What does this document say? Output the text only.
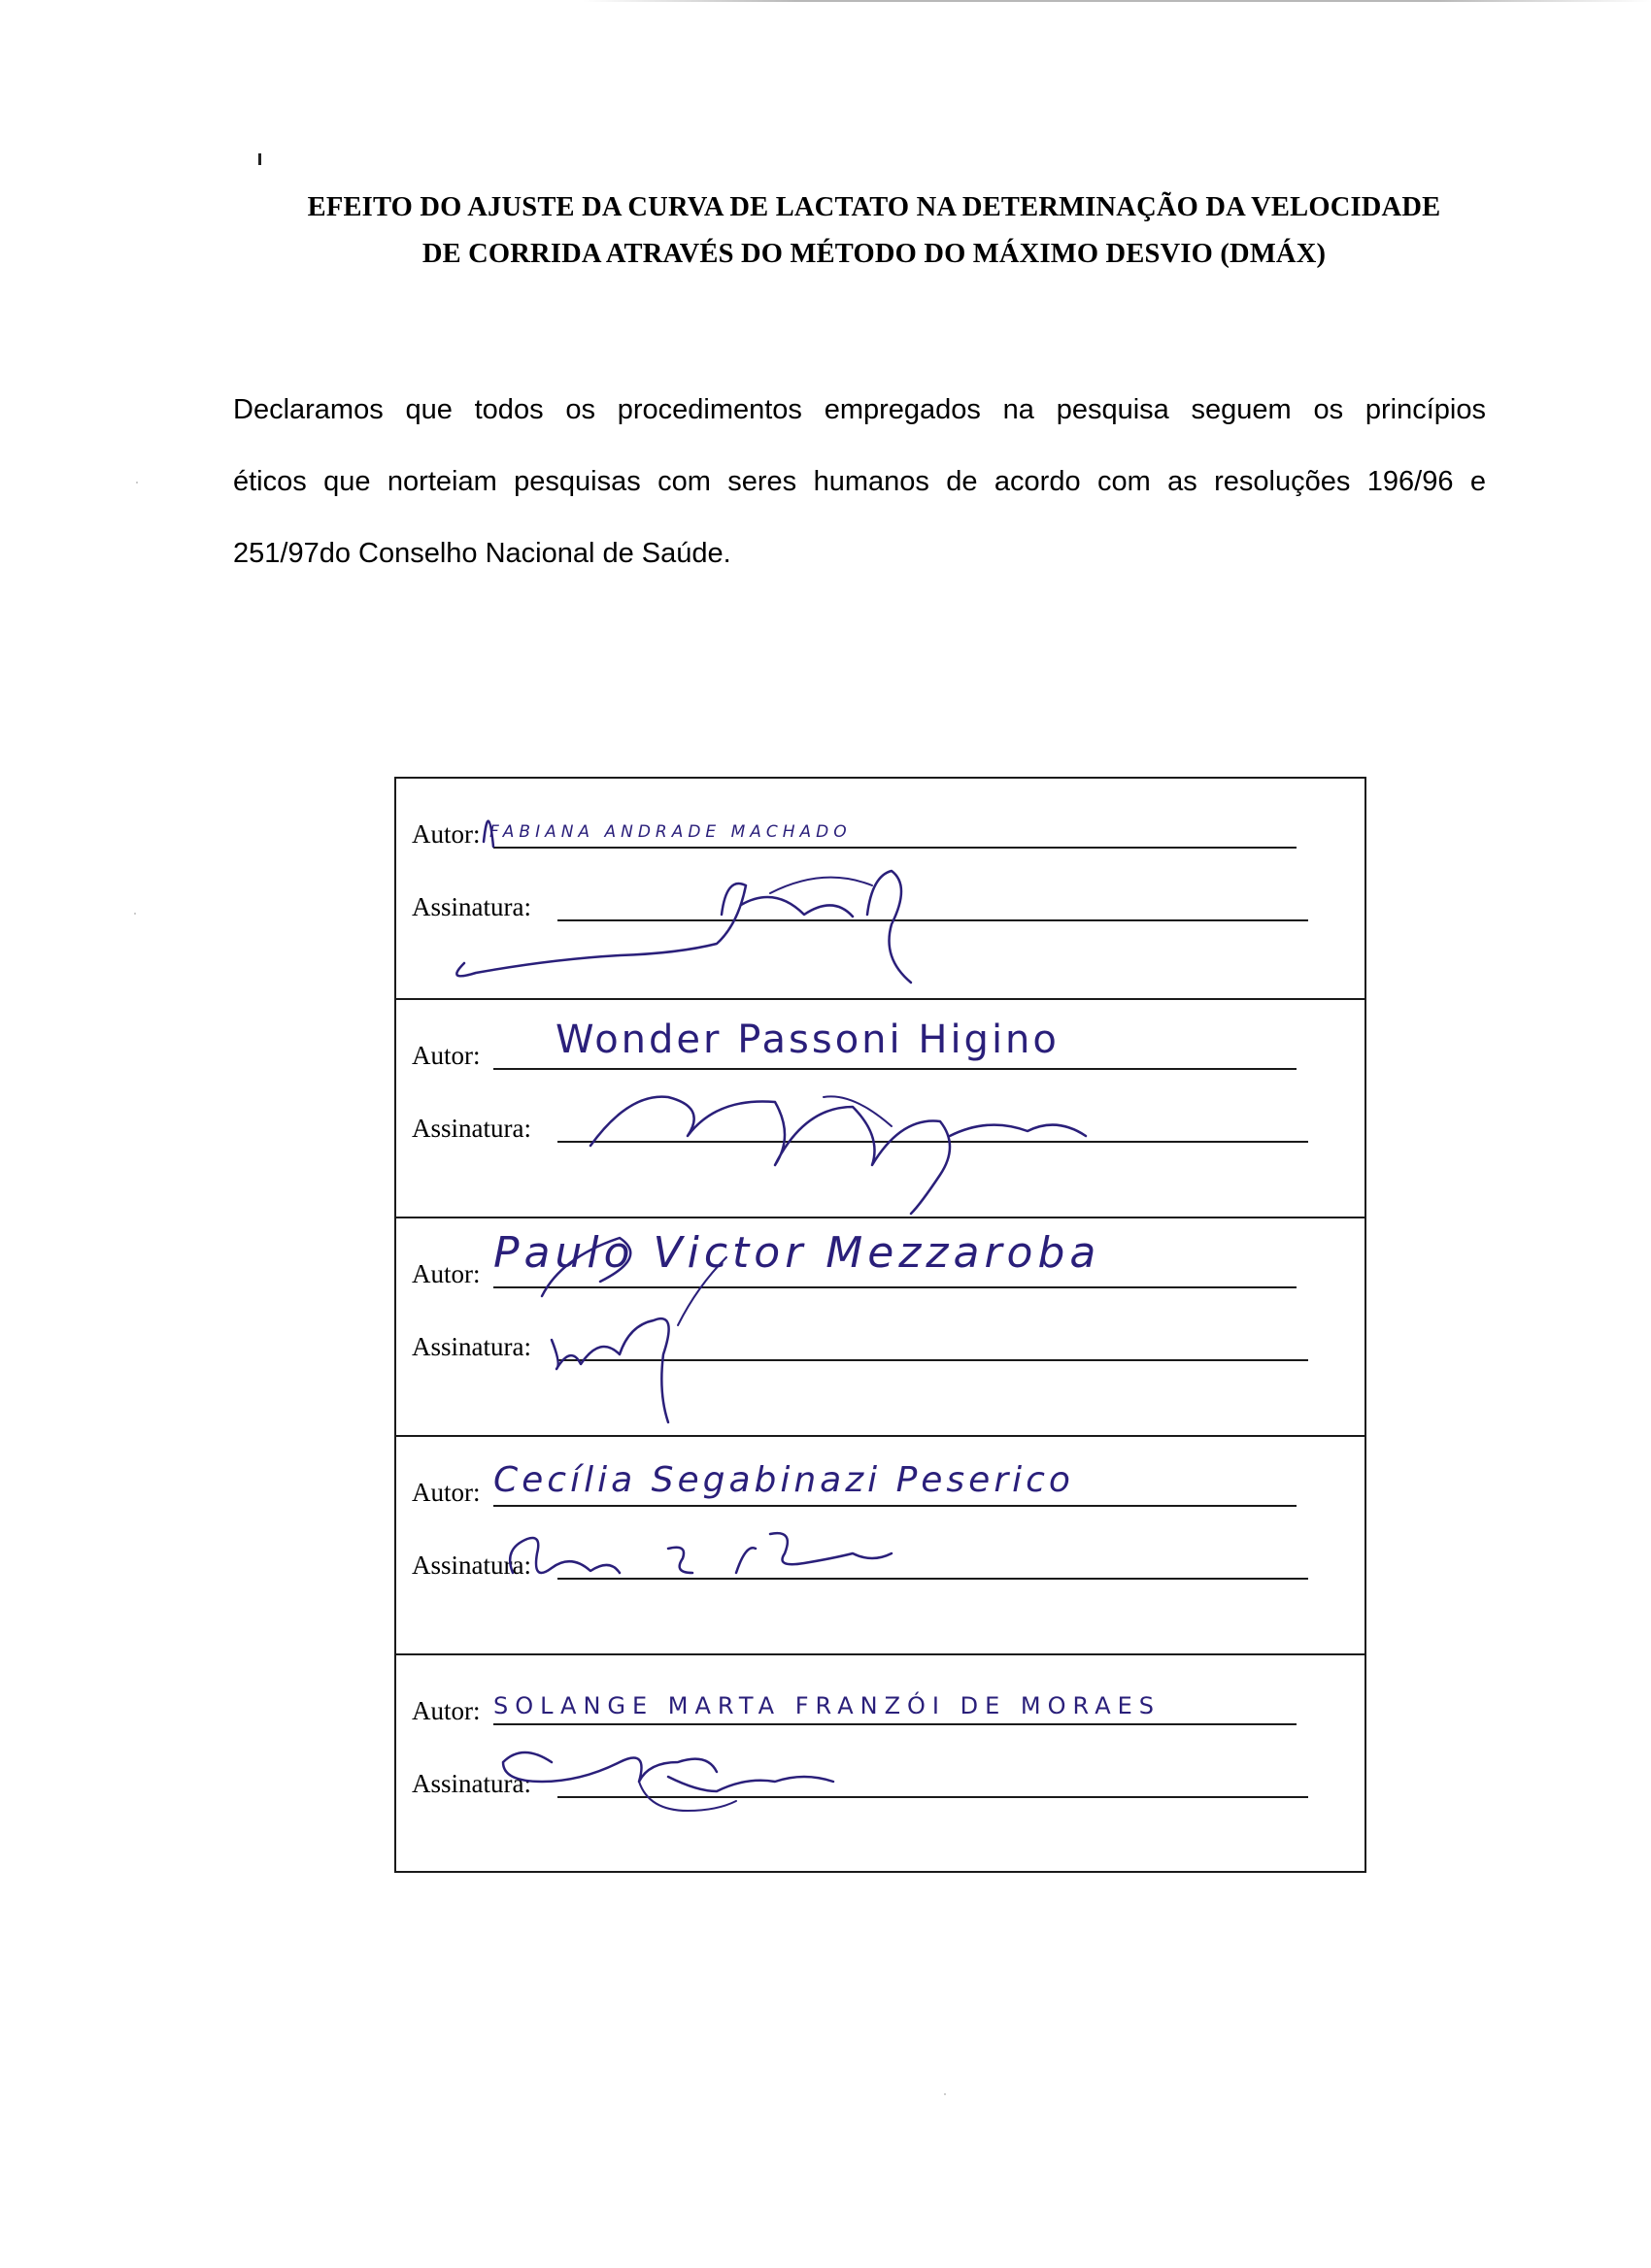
EFEITO DO AJUSTE DA CURVA DE LACTATO NA DETERMINAÇÃO DA VELOCIDADE
DE CORRIDA ATRAVÉS DO MÉTODO DO MÁXIMO DESVIO (DMÁX)

Declaramos que todos os procedimentos empregados na pesquisa seguem os princípios
éticos que norteiam pesquisas com seres humanos de acordo com as resoluções 196/96 e
251/97do Conselho Nacional de Saúde.

Autor:
Assinatura:
FABIANA ANDRADE MACHADO
Autor:
Assinatura:
Wonder Passoni Higino
Autor:
Assinatura:
Paulo Victor Mezzaroba
Autor:
Assinatura:
Cecília Segabinazi Peserico
Autor:
Assinatura:
SOLANGE MARTA FRANZÓI DE MORAES
